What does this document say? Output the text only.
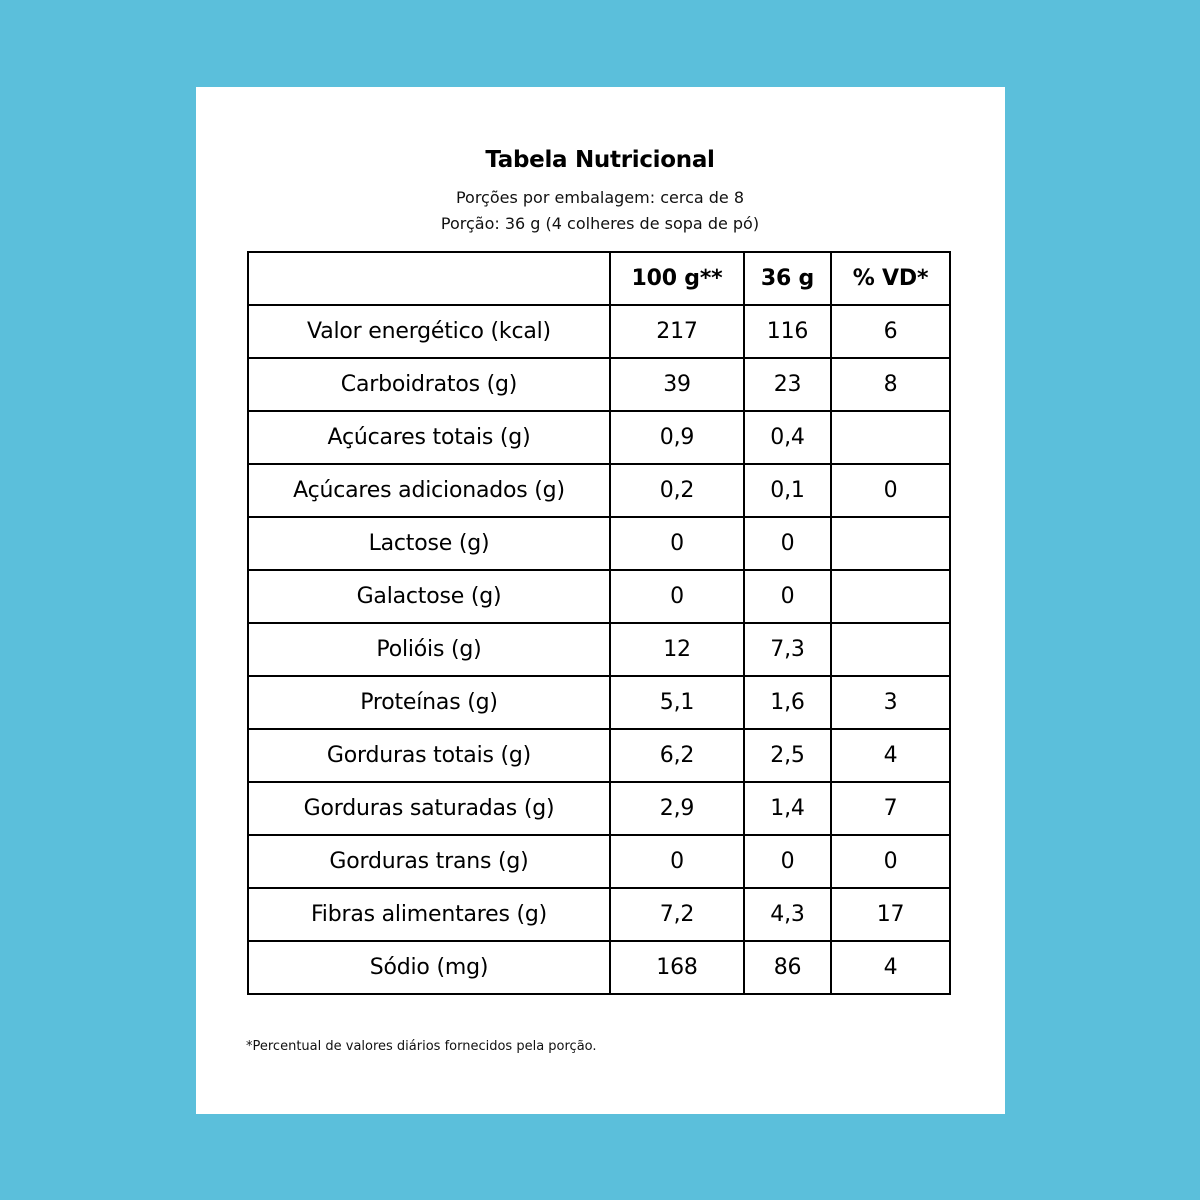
Tabela Nutricional
Porções por embalagem: cerca de 8
Porção: 36 g (4 colheres de sopa de pó)
	100 g**	36 g	% VD*
Valor energético (kcal)	217	116	6
Carboidratos (g)	39	23	8
Açúcares totais (g)	0,9	0,4	
Açúcares adicionados (g)	0,2	0,1	0
Lactose (g)	0	0	
Galactose (g)	0	0	
Polióis (g)	12	7,3	
Proteínas (g)	5,1	1,6	3
Gorduras totais (g)	6,2	2,5	4
Gorduras saturadas (g)	2,9	1,4	7
Gorduras trans (g)	0	0	0
Fibras alimentares (g)	7,2	4,3	17
Sódio (mg)	168	86	4
*Percentual de valores diários fornecidos pela porção.
